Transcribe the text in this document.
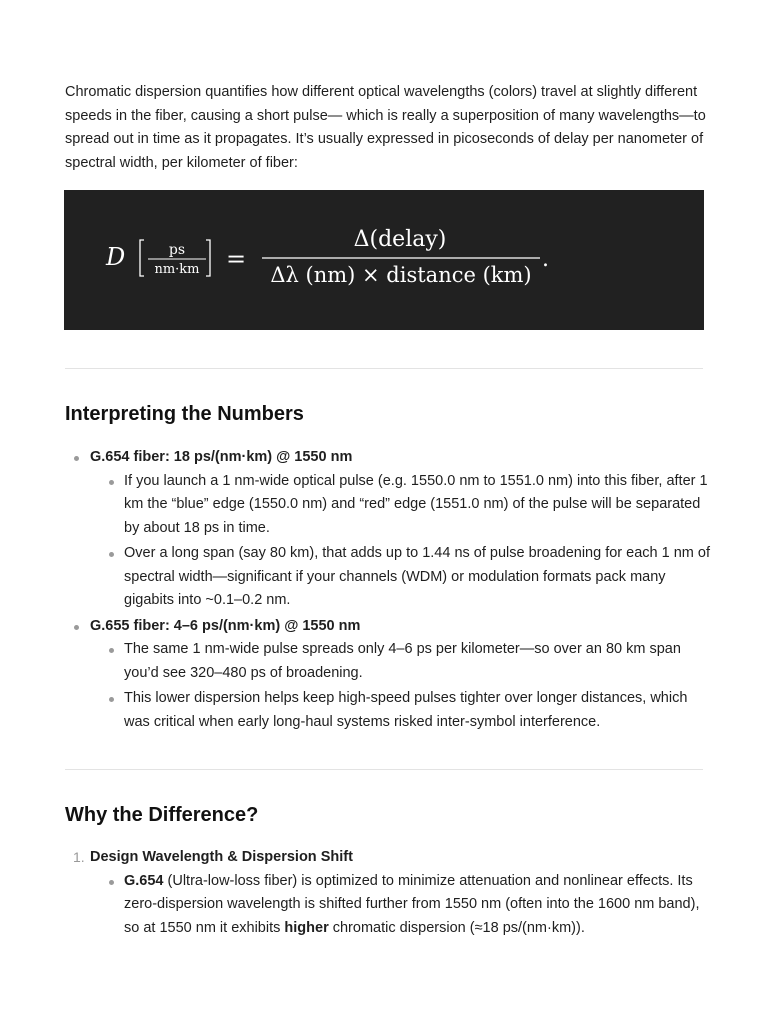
Chromatic dispersion quantifies how different optical wavelengths (colors) travel at slightly different speeds in the fiber, causing a short pulse— which is really a superposition of many wavelengths—to spread out in time as it propagates. It’s usually expressed in picoseconds of delay per nanometer of spectral width, per kilometer of fiber:

D	ps
nm·km =
Δ(delay)
Δλ (nm) × distance (km)
.
Interpreting the Numbers
G.654 fiber: 18 ps/(nm·km) @ 1550 nm
If you launch a 1 nm-wide optical pulse (e.g. 1550.0 nm to 1551.0 nm) into this fiber, after 1 km the “blue” edge (1550.0 nm) and “red” edge (1551.0 nm) of the pulse will be separated by about 18 ps in time.
Over a long span (say 80 km), that adds up to 1.44 ns of pulse broadening for each 1 nm of spectral width—significant if your channels (WDM) or modulation formats pack many gigabits into ~0.1–0.2 nm.
G.655 fiber: 4–6 ps/(nm·km) @ 1550 nm
The same 1 nm-wide pulse spreads only 4–6 ps per kilometer—so over an 80 km span you’d see 320–480 ps of broadening.
This lower dispersion helps keep high-speed pulses tighter over longer distances, which was critical when early long-haul systems risked inter-symbol interference.
Why the Difference?
1. Design Wavelength & Dispersion Shift
G.654 (Ultra-low-loss fiber) is optimized to minimize attenuation and nonlinear effects. Its zero-dispersion wavelength is shifted further from 1550 nm (often into the 1600 nm band), so at 1550 nm it exhibits higher chromatic dispersion (≈18 ps/(nm·km)).
